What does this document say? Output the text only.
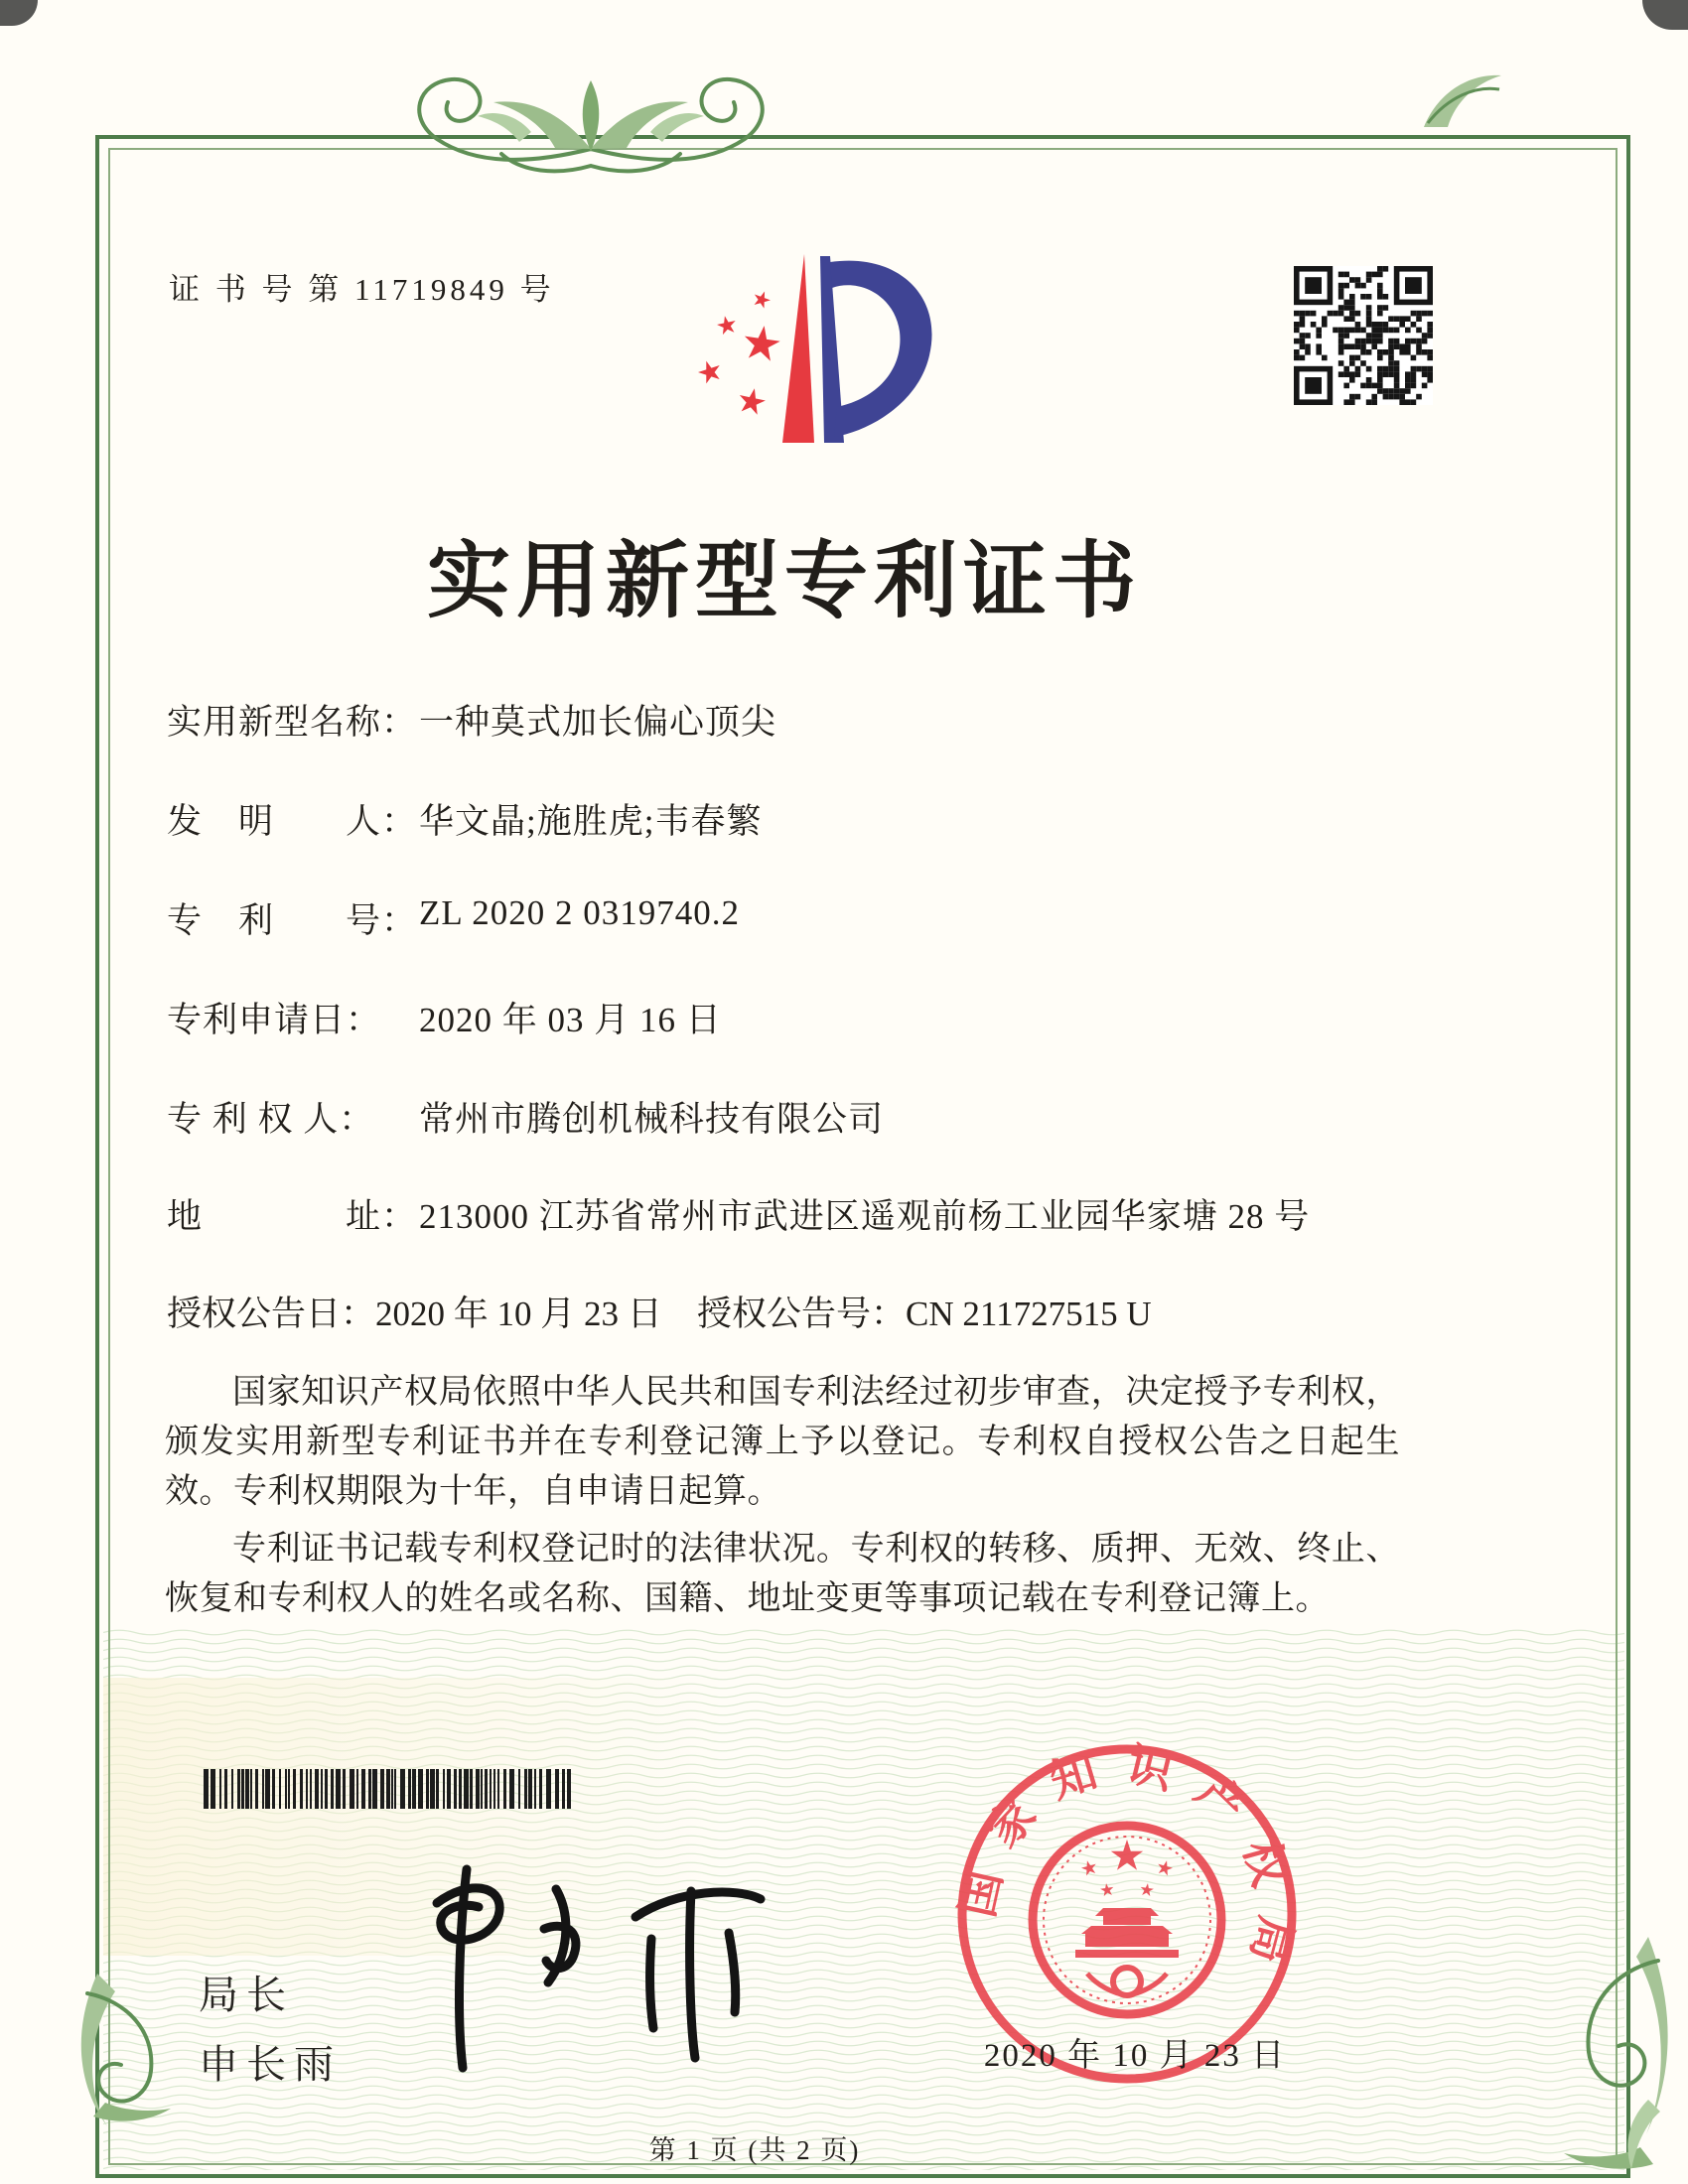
证 书 号 第 11719849 号
实用新型专利证书
实用新型名称：一种莫式加长偏心顶尖
发　明　　人：华文晶;施胜虎;韦春繁
专　利　　号：ZL 2020 2 0319740.2
专利申请日： 2020 年 03 月 16 日
专 利 权 人： 常州市腾创机械科技有限公司
地　　　　址：213000 江苏省常州市武进区遥观前杨工业园华家塘 28 号
授权公告日：2020 年 10 月 23 日 授权公告号：CN 211727515 U

国家知识产权局依照中华人民共和国专利法经过初步审查，决定授予专利权，颁发实用新型专利证书并在专利登记簿上予以登记。专利权自授权公告之日起生效。专利权期限为十年，自申请日起算。

专利证书记载专利权登记时的法律状况。专利权的转移、质押、无效、终止、恢复和专利权人的姓名或名称、国籍、地址变更等事项记载在专利登记簿上。

局长
申长雨
国家知识产权局
2020 年 10 月 23 日
第 1 页 (共 2 页)
